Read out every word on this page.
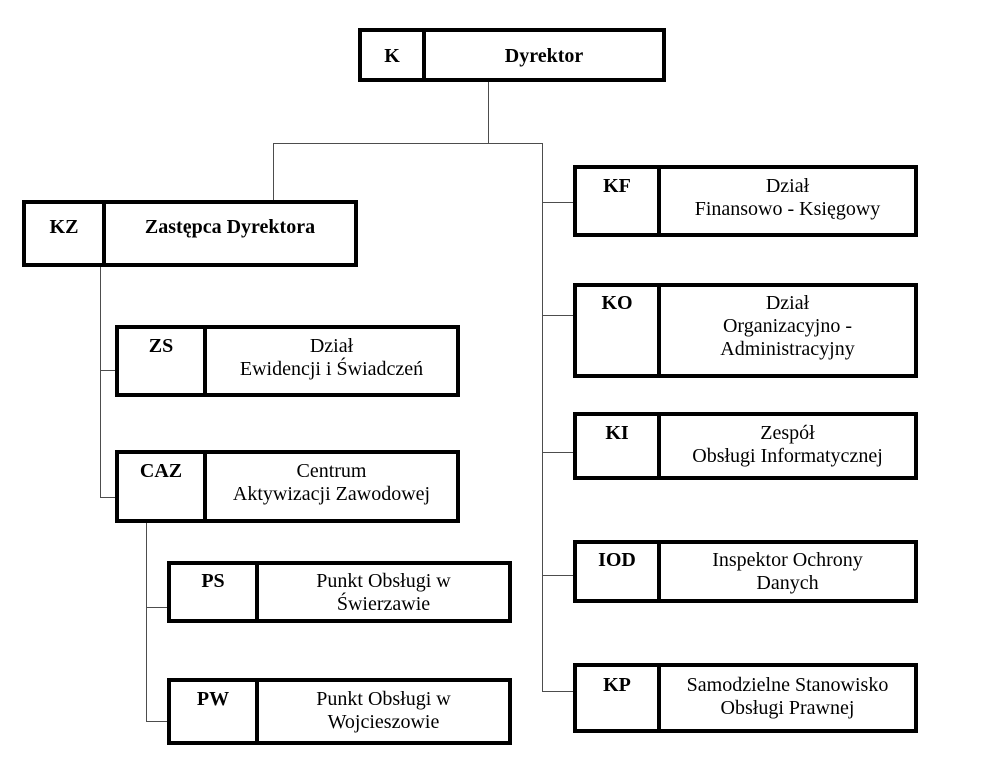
K	Dyrektor
KZ	Zastępca Dyrektora
ZS	Dział
Ewidencji i Świadczeń
CAZ	Centrum
Aktywizacji Zawodowej
PS	Punkt Obsługi w
Świerzawie
PW	Punkt Obsługi w
Wojcieszowie
KF	Dział
Finansowo - Księgowy
KO	Dział
Organizacyjno -
Administracyjny
KI	Zespół
Obsługi Informatycznej
IOD	Inspektor Ochrony
Danych
KP	Samodzielne Stanowisko
Obsługi Prawnej
